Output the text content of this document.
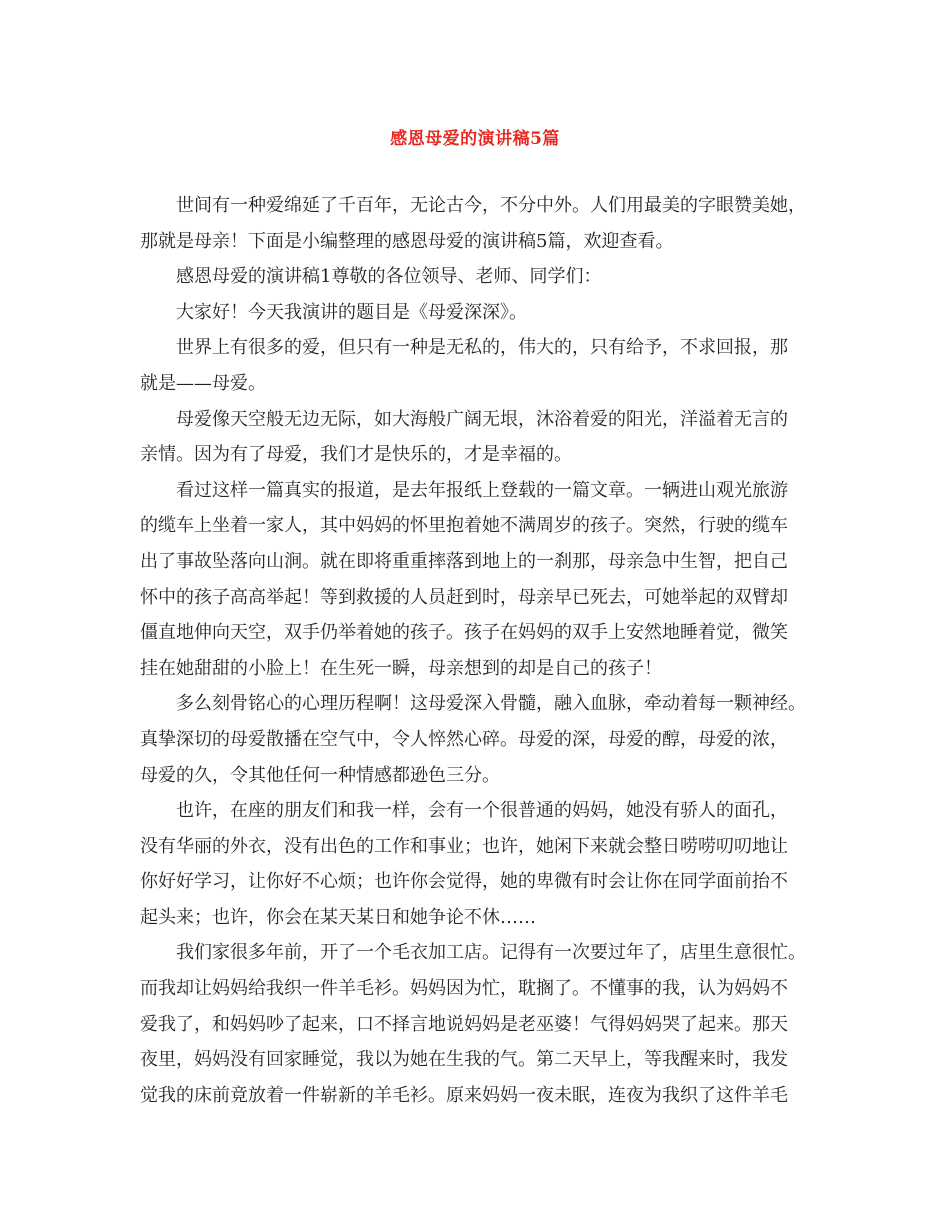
感恩母爱的演讲稿5篇
世间有一种爱绵延了千百年，无论古今，不分中外。人们用最美的字眼赞美她，
那就是母亲！下面是小编整理的感恩母爱的演讲稿5篇，欢迎查看。
感恩母爱的演讲稿1尊敬的各位领导、老师、同学们：
大家好！今天我演讲的题目是《母爱深深》。
世界上有很多的爱，但只有一种是无私的，伟大的，只有给予，不求回报，那
就是——母爱。
母爱像天空般无边无际，如大海般广阔无垠，沐浴着爱的阳光，洋溢着无言的
亲情。因为有了母爱，我们才是快乐的，才是幸福的。
看过这样一篇真实的报道，是去年报纸上登载的一篇文章。一辆进山观光旅游
的缆车上坐着一家人，其中妈妈的怀里抱着她不满周岁的孩子。突然，行驶的缆车
出了事故坠落向山涧。就在即将重重摔落到地上的一刹那，母亲急中生智，把自己
怀中的孩子高高举起！等到救援的人员赶到时，母亲早已死去，可她举起的双臂却
僵直地伸向天空，双手仍举着她的孩子。孩子在妈妈的双手上安然地睡着觉，微笑
挂在她甜甜的小脸上！在生死一瞬，母亲想到的却是自己的孩子！
多么刻骨铭心的心理历程啊！这母爱深入骨髓，融入血脉，牵动着每一颗神经。
真挚深切的母爱散播在空气中，令人悴然心碎。母爱的深，母爱的醇，母爱的浓，
母爱的久，令其他任何一种情感都逊色三分。
也许，在座的朋友们和我一样，会有一个很普通的妈妈，她没有骄人的面孔，
没有华丽的外衣，没有出色的工作和事业；也许，她闲下来就会整日唠唠叨叨地让
你好好学习，让你好不心烦；也许你会觉得，她的卑微有时会让你在同学面前抬不
起头来；也许，你会在某天某日和她争论不休……
我们家很多年前，开了一个毛衣加工店。记得有一次要过年了，店里生意很忙。
而我却让妈妈给我织一件羊毛衫。妈妈因为忙，耽搁了。不懂事的我，认为妈妈不
爱我了，和妈妈吵了起来，口不择言地说妈妈是老巫婆！气得妈妈哭了起来。那天
夜里，妈妈没有回家睡觉，我以为她在生我的气。第二天早上，等我醒来时，我发
觉我的床前竟放着一件崭新的羊毛衫。原来妈妈一夜未眠，连夜为我织了这件羊毛
